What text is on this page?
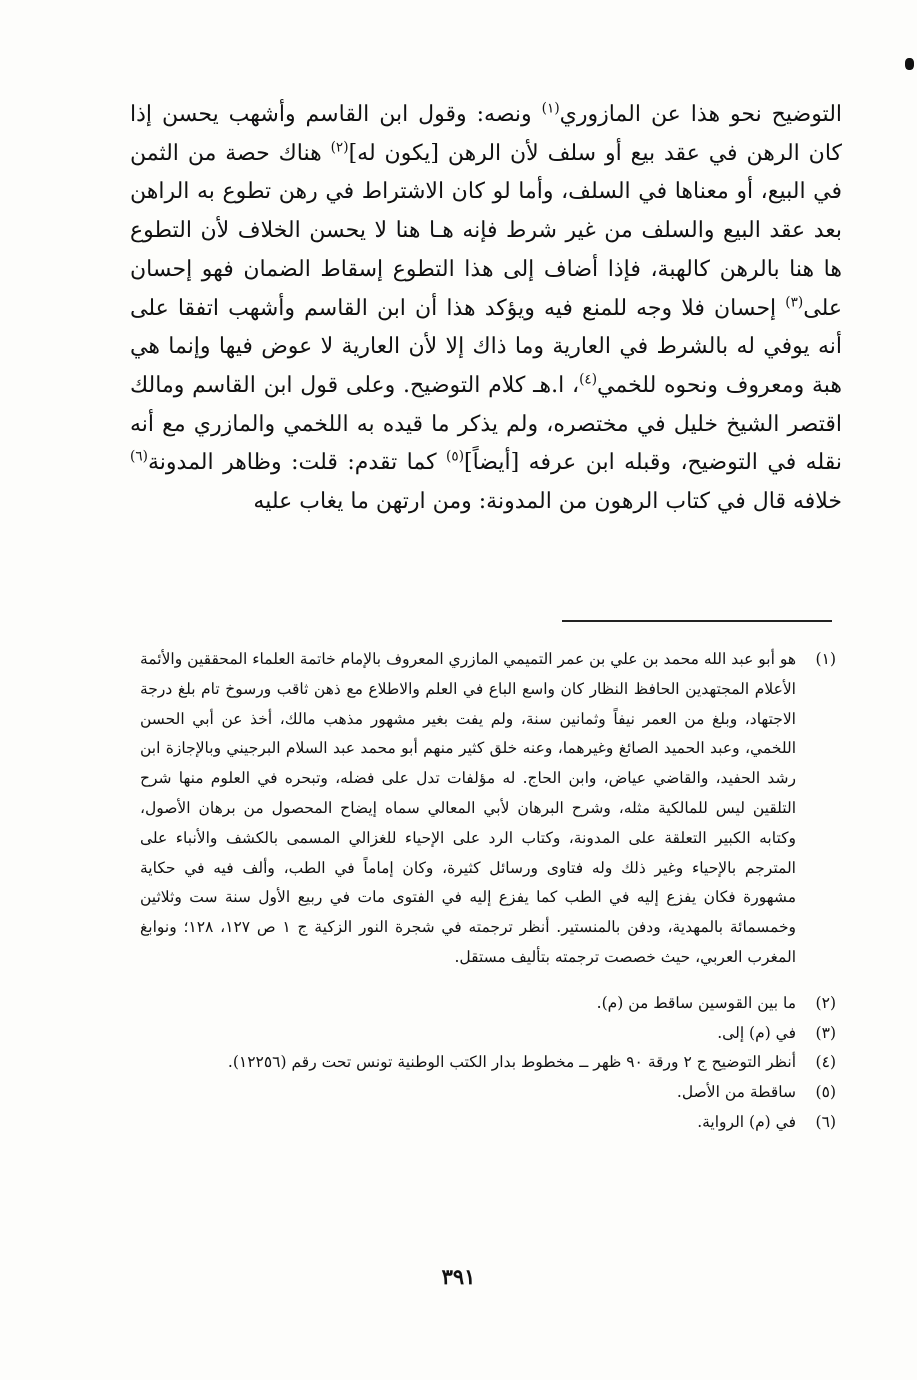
التوضيح نحو هذا عن المازوري$^{(١)}$ ونصه: وقول ابن القاسم وأشهب يحسن إذا كان الرهن في عقد بيع أو سلف لأن الرهن [يكون له]$^{(٢)}$ هناك حصة من الثمن في البيع، أو معناها في السلف، وأما لو كان الاشتراط في رهن تطوع به الراهن بعد عقد البيع والسلف من غير شرط فإنه هـا هنا لا يحسن الخلاف لأن التطوع ها هنا بالرهن كالهبة، فإذا أضاف إلى هذا التطوع إسقاط الضمان فهو إحسان على$^{(٣)}$ إحسان فلا وجه للمنع فيه ويؤكد هذا أن ابن القاسم وأشهب اتفقا على أنه يوفي له بالشرط في العارية وما ذاك إلا لأن العارية لا عوض فيها وإنما هي هبة ومعروف ونحوه للخمي$^{(٤)}$، ا.هـ كلام التوضيح. وعلى قول ابن القاسم ومالك اقتصر الشيخ خليل في مختصره، ولم يذكر ما قيده به اللخمي والمازري مع أنه نقله في التوضيح، وقبله ابن عرفه [أيضاً]$^{(٥)}$ كما تقدم: قلت: وظاهر المدونة$^{(٦)}$ خلافه قال في كتاب الرهون من المدونة: ومن ارتهن ما يغاب عليه

(١)
هو أبو عبد الله محمد بن علي بن عمر التميمي المازري المعروف بالإمام خاتمة العلماء المحققين والأئمة الأعلام المجتهدين الحافظ النظار كان واسع الباع في العلم والاطلاع مع ذهن ثاقب ورسوخ تام بلغ درجة الاجتهاد، وبلغ من العمر نيفاً وثمانين سنة، ولم يفت بغير مشهور مذهب مالك، أخذ عن أبي الحسن اللخمي، وعبد الحميد الصائغ وغيرهما، وعنه خلق كثير منهم أبو محمد عبد السلام البرجيني وبالإجازة ابن رشد الحفيد، والقاضي عياض، وابن الحاج. له مؤلفات تدل على فضله، وتبحره في العلوم منها شرح التلقين ليس للمالكية مثله، وشرح البرهان لأبي المعالي سماه إيضاح المحصول من برهان الأصول، وكتابه الكبير التعلقة على المدونة، وكتاب الرد على الإحياء للغزالي المسمى بالكشف والأنباء على المترجم بالإحياء وغير ذلك وله فتاوى ورسائل كثيرة، وكان إماماً في الطب، وألف فيه في حكاية مشهورة فكان يفزع إليه في الطب كما يفزع إليه في الفتوى مات في ربيع الأول سنة ست وثلاثين وخمسمائة بالمهدية، ودفن بالمنستير. أنظر ترجمته في شجرة النور الزكية ج ١ ص ١٢٧، ١٢٨؛ ونوابغ المغرب العربي، حيث خصصت ترجمته بتأليف مستقل.
(٢)
ما بين القوسين ساقط من (م).
(٣)
في (م) إلى.
(٤)
أنظر التوضيح ج ٢ ورقة ٩٠ ظهر ــ مخطوط بدار الكتب الوطنية تونس تحت رقم (١٢٢٥٦).
(٥)
ساقطة من الأصل.
(٦)
في (م) الرواية.
٣٩١
